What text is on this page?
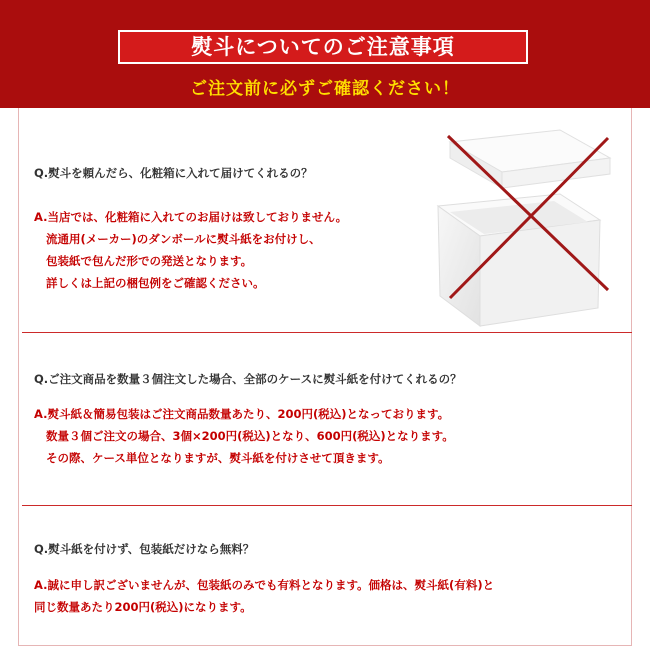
熨斗についてのご注意事項
ご注文前に必ずご確認ください！
Q.熨斗を頼んだら、化粧箱に入れて届けてくれるの？
A.当店では、化粧箱に入れてのお届けは致しておりません。
流通用(メーカー)のダンボールに熨斗紙をお付けし、
包装紙で包んだ形での発送となります。
詳しくは上記の梱包例をご確認ください。
Q.ご注文商品を数量３個注文した場合、全部のケースに熨斗紙を付けてくれるの？
A.熨斗紙＆簡易包装はご注文商品数量あたり、200円(税込)となっております。
数量３個ご注文の場合、3個×200円(税込)となり、600円(税込)となります。
その際、ケース単位となりますが、熨斗紙を付けさせて頂きます。
Q.熨斗紙を付けず、包装紙だけなら無料？
A.誠に申し訳ございませんが、包装紙のみでも有料となります。価格は、熨斗紙(有料)と
同じ数量あたり200円(税込)になります。
